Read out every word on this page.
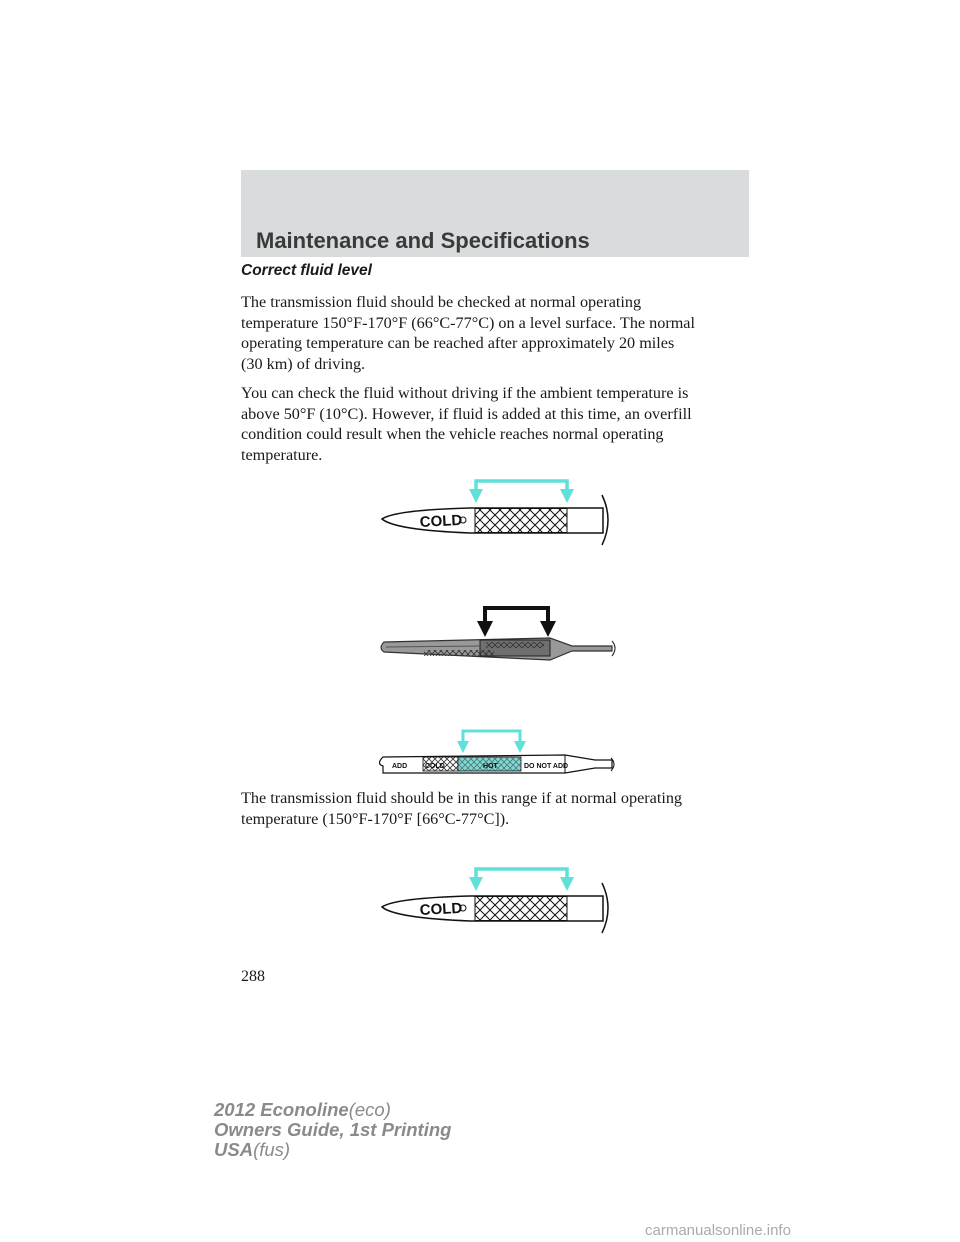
Maintenance and Specifications
Correct fluid level

The transmission fluid should be checked at normal operating
temperature 150°F-170°F (66°C-77°C) on a level surface. The normal
operating temperature can be reached after approximately 20 miles
(30 km) of driving.

You can check the fluid without driving if the ambient temperature is
above 50°F (10°C). However, if fluid is added at this time, an overfill
condition could result when the vehicle reaches normal operating
temperature.

COLD
ADD	COLD	HOT	DO NOT ADD

The transmission fluid should be in this range if at normal operating
temperature (150°F-170°F [66°C-77°C]).

COLD
288
2012 Econoline(eco)
Owners Guide, 1st Printing
USA(fus)
carmanualsonline.info
